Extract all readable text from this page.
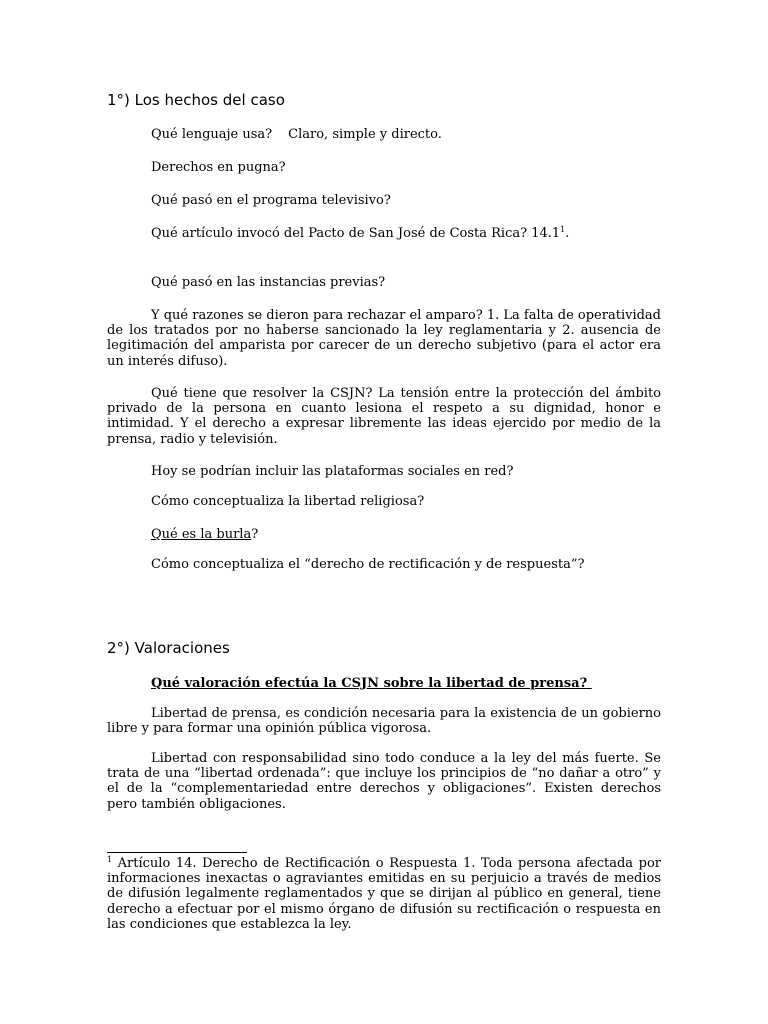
1°) Los hechos del caso

Qué lenguaje usa? Claro, simple y directo.

Derechos en pugna?

Qué pasó en el programa televisivo?

Qué artículo invocó del Pacto de San José de Costa Rica? 14.1$^1$.

Qué pasó en las instancias previas?

Y qué razones se dieron para rechazar el amparo? 1. La falta de operatividad de los tratados por no haberse sancionado la ley reglamentaria y 2. ausencia de legitimación del amparista por carecer de un derecho subjetivo (para el actor era un interés difuso).

Qué tiene que resolver la CSJN? La tensión entre la protección del ámbito privado de la persona en cuanto lesiona el respeto a su dignidad, honor e intimidad. Y el derecho a expresar libremente las ideas ejercido por medio de la prensa, radio y televisión.

Hoy se podrían incluir las plataformas sociales en red?

Cómo conceptualiza la libertad religiosa?

Qué es la burla?

Cómo conceptualiza el “derecho de rectificación y de respuesta”?

2°) Valoraciones

Qué valoración efectúa la CSJN sobre la libertad de prensa?

Libertad de prensa, es condición necesaria para la existencia de un gobierno libre y para formar una opinión pública vigorosa.

Libertad con responsabilidad sino todo conduce a la ley del más fuerte. Se trata de una “libertad ordenada”: que incluye los principios de “no dañar a otro” y el de la “complementariedad entre derechos y obligaciones”. Existen derechos pero también obligaciones.

$^1$ Artículo 14. Derecho de Rectificación o Respuesta 1. Toda persona afectada por informaciones inexactas o agraviantes emitidas en su perjuicio a través de medios de difusión legalmente reglamentados y que se dirijan al público en general, tiene derecho a efectuar por el mismo órgano de difusión su rectificación o respuesta en las condiciones que establezca la ley.
